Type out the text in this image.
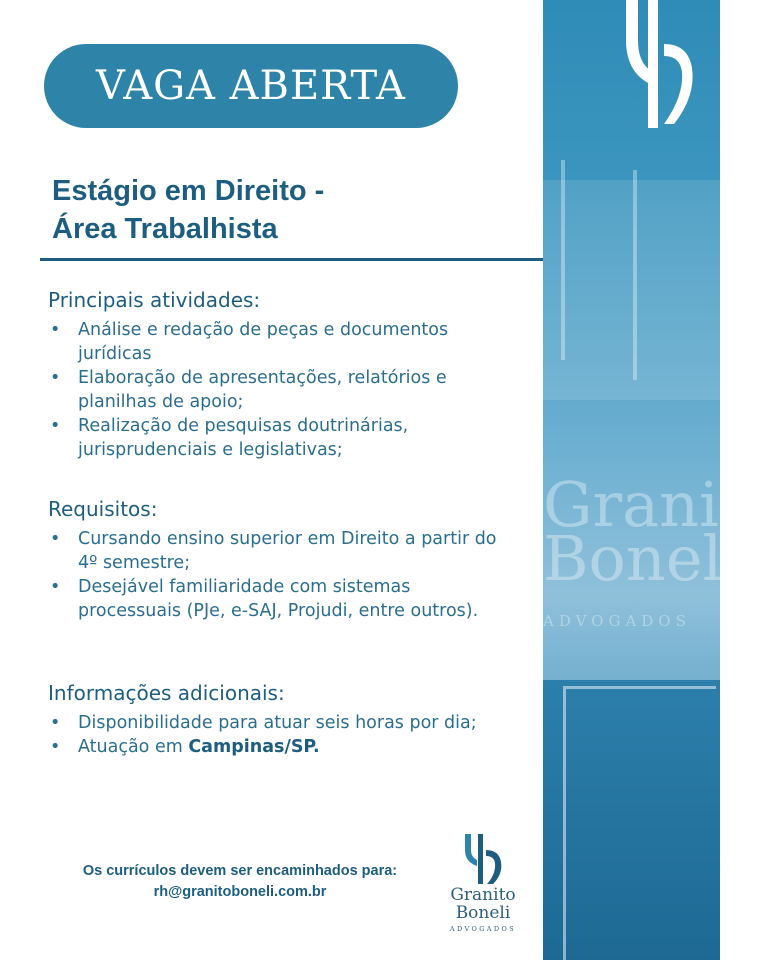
Granito
Boneli
ADVOGADOS
VAGA ABERTA
Estágio em Direito -
Área Trabalhista
Principais atividades:
• Análise e redação de peças e documentos jurídicas
• Elaboração de apresentações, relatórios e planilhas de apoio;
• Realização de pesquisas doutrinárias, jurisprudenciais e legislativas;
Requisitos:
• Cursando ensino superior em Direito a partir do 4º semestre;
• Desejável familiaridade com sistemas processuais (PJe, e-SAJ, Projudi, entre outros).
Informações adicionais:
• Disponibilidade para atuar seis horas por dia;
• Atuação em Campinas/SP.
Os currículos devem ser encaminhados para:
rh@granitoboneli.com.br	Granito
Boneli
ADVOGADOS
